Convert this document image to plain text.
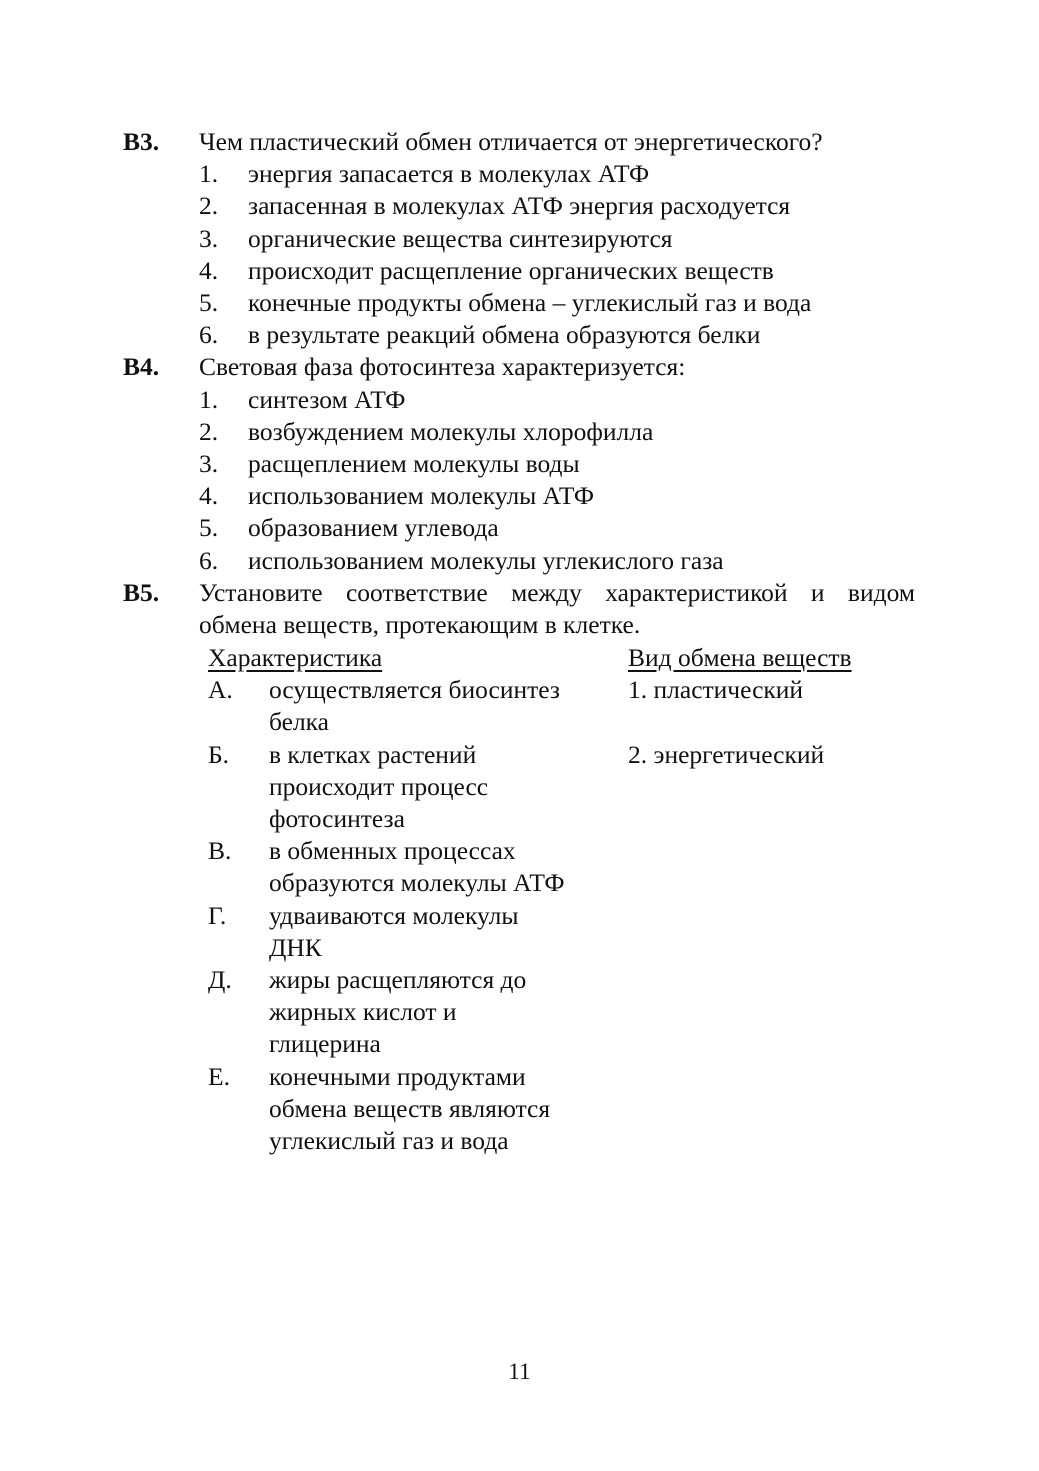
B3. Чем пластический обмен отличается от энергетического?
1. энергия запасается в молекулах АТФ
2. запасенная в молекулах АТФ энергия расходуется
3. органические вещества синтезируются
4. происходит расщепление органических веществ
5. конечные продукты обмена – углекислый газ и вода
6. в результате реакций обмена образуются белки
B4. Световая фаза фотосинтеза характеризуется:
1. синтезом АТФ
2. возбуждением молекулы хлорофилла
3. расщеплением молекулы воды
4. использованием молекулы АТФ
5. образованием углевода
6. использованием молекулы углекислого газа
B5. Установите соответствие между характеристикой и видом
обмена веществ, протекающим в клетке.
Характеристика	Вид обмена веществ
А. осуществляется биосинтез белка
Б. в клетках растений происходит процесс фотосинтеза
В. в обменных процессах образуются молекулы АТФ
Г. удваиваются молекулы ДНК
Д. жиры расщепляются до жирных кислот и глицерина
Е. конечными продуктами обмена веществ являются углекислый газ и вода
1. пластический
2. энергетический
11
